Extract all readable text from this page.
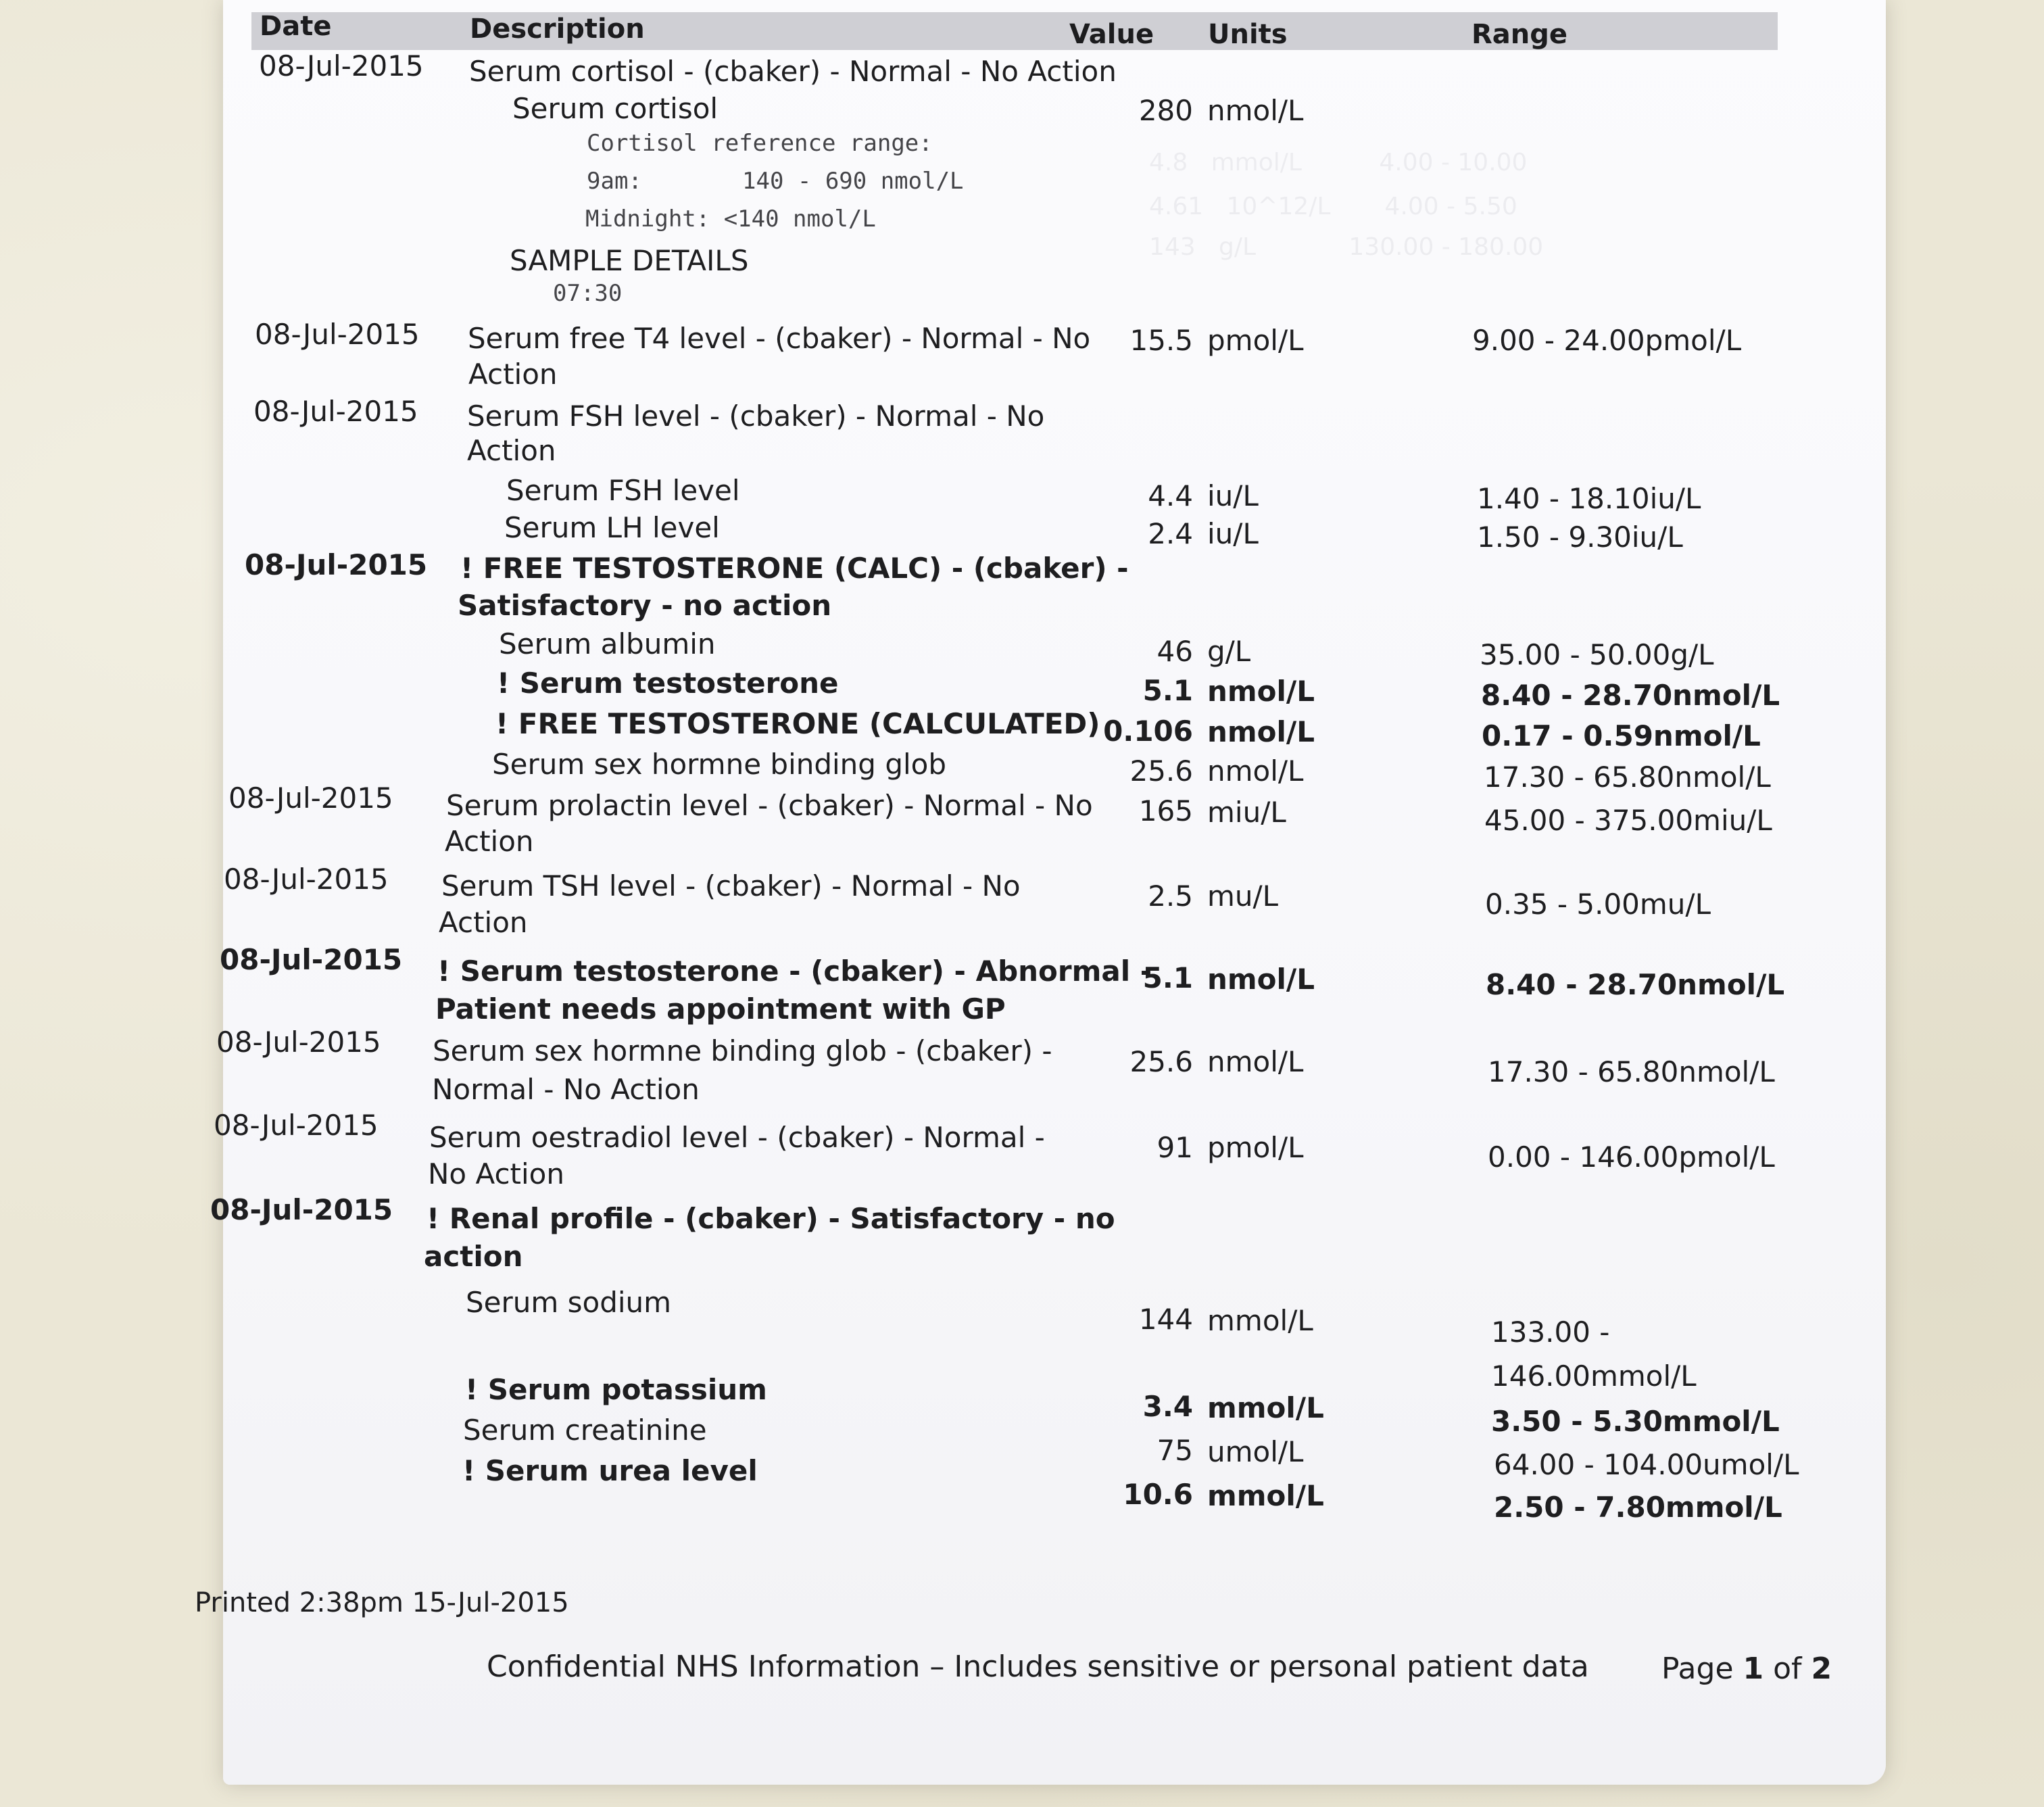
4.8   mmol/L          4.00 - 10.00
4.61   10^12/L       4.00 - 5.50
143   g/L            130.00 - 180.00
Date	Description	Value Units	Range
08-Jul-2015 Serum cortisol - (cbaker) - Normal - No Action
Serum cortisol	280 nmol/L
Cortisol reference range:
9am:	140 - 690 nmol/L
Midnight: <140 nmol/L
SAMPLE DETAILS
07:30
08-Jul-2015 Serum free T4 level - (cbaker) - Normal - No
Action
15.5 pmol/L	9.00 - 24.00pmol/L
08-Jul-2015 Serum FSH level - (cbaker) - Normal - No
Action
Serum FSH level	4.4 iu/L	1.40 - 18.10iu/L
Serum LH level	2.4 iu/L	1.50 - 9.30iu/L
08-Jul-2015 ! FREE TESTOSTERONE (CALC) - (cbaker) -
Satisfactory - no action
Serum albumin	46 g/L	35.00 - 50.00g/L
! Serum testosterone	5.1 nmol/L	8.40 - 28.70nmol/L
! FREE TESTOSTERONE (CALCULATED) 0.106 nmol/L	0.17 - 0.59nmol/L
Serum sex hormne binding glob	25.6 nmol/L	17.30 - 65.80nmol/L
08-Jul-2015 Serum prolactin level - (cbaker) - Normal - No
Action
165 miu/L	45.00 - 375.00miu/L
08-Jul-2015 Serum TSH level - (cbaker) - Normal - No
Action
2.5 mu/L	0.35 - 5.00mu/L
08-Jul-2015 ! Serum testosterone - (cbaker) - Abnormal -
Patient needs appointment with GP
5.1 nmol/L	8.40 - 28.70nmol/L
08-Jul-2015 Serum sex hormne binding glob - (cbaker) -
Normal - No Action
25.6 nmol/L	17.30 - 65.80nmol/L
08-Jul-2015 Serum oestradiol level - (cbaker) - Normal -
No Action
91 pmol/L	0.00 - 146.00pmol/L
08-Jul-2015 ! Renal profile - (cbaker) - Satisfactory - no
action
Serum sodium
144 mmol/L	133.00 -
146.00mmol/L
! Serum potassium
3.4 mmol/L	3.50 - 5.30mmol/L
Serum creatinine
75 umol/L	64.00 - 104.00umol/L
! Serum urea level
10.6 mmol/L	2.50 - 7.80mmol/L
Printed 2:38pm 15-Jul-2015
Confidential NHS Information – Includes sensitive or personal patient data Page 1 of 2
